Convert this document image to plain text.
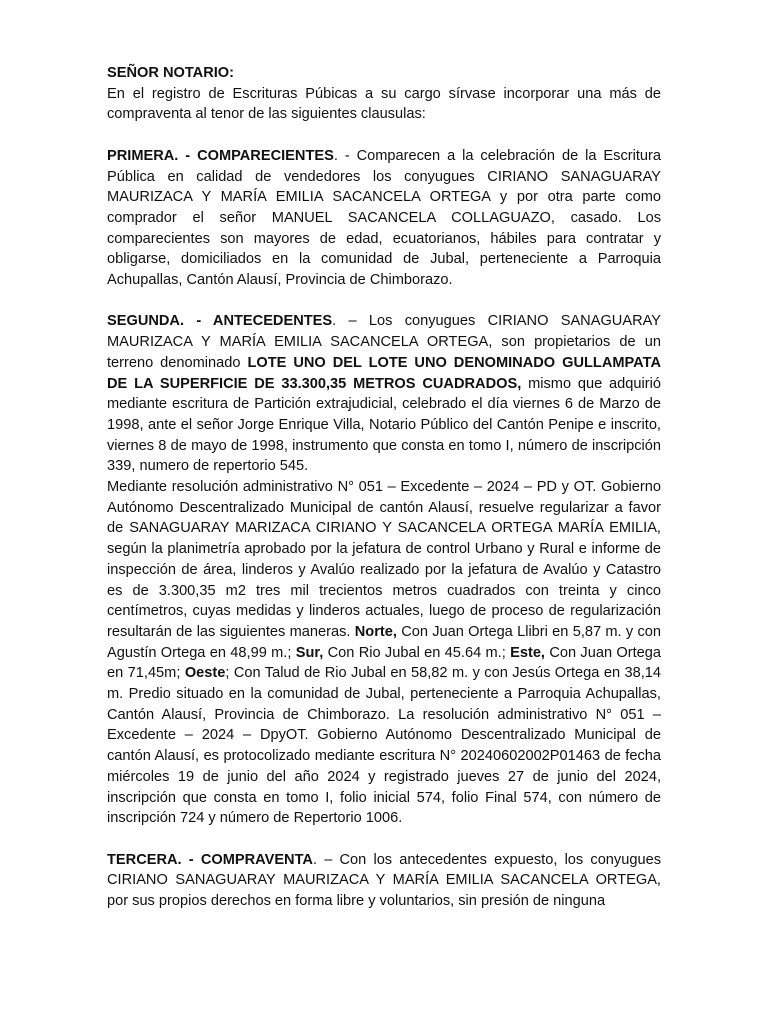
SEÑOR NOTARIO:

En el registro de Escrituras Púbicas a su cargo sírvase incorporar una más de compraventa al tenor de las siguientes clausulas:

PRIMERA. - COMPARECIENTES. - Comparecen a la celebración de la Escritura Pública en calidad de vendedores los conyugues CIRIANO SANAGUARAY MAURIZACA Y MARÍA EMILIA SACANCELA ORTEGA y por otra parte como comprador el señor MANUEL SACANCELA COLLAGUAZO, casado. Los comparecientes son mayores de edad, ecuatorianos, hábiles para contratar y obligarse, domiciliados en la comunidad de Jubal, perteneciente a Parroquia Achupallas, Cantón Alausí, Provincia de Chimborazo.

SEGUNDA. - ANTECEDENTES. – Los conyugues CIRIANO SANAGUARAY MAURIZACA Y MARÍA EMILIA SACANCELA ORTEGA, son propietarios de un terreno denominado LOTE UNO DEL LOTE UNO DENOMINADO GULLAMPATA DE LA SUPERFICIE DE 33.300,35 METROS CUADRADOS, mismo que adquirió mediante escritura de Partición extrajudicial, celebrado el día viernes 6 de Marzo de 1998, ante el señor Jorge Enrique Villa, Notario Público del Cantón Penipe e inscrito, viernes 8 de mayo de 1998, instrumento que consta en tomo I, número de inscripción 339, numero de repertorio 545.

Mediante resolución administrativo N° 051 – Excedente – 2024 – PD y OT. Gobierno Autónomo Descentralizado Municipal de cantón Alausí, resuelve regularizar a favor de SANAGUARAY MARIZACA CIRIANO Y SACANCELA ORTEGA MARÍA EMILIA, según la planimetría aprobado por la jefatura de control Urbano y Rural e informe de inspección de área, linderos y Avalúo realizado por la jefatura de Avalúo y Catastro es de 3.300,35 m2 tres mil trecientos metros cuadrados con treinta y cinco centímetros, cuyas medidas y linderos actuales, luego de proceso de regularización resultarán de las siguientes maneras. Norte, Con Juan Ortega Llibri en 5,87 m. y con Agustín Ortega en 48,99 m.; Sur, Con Rio Jubal en 45.64 m.; Este, Con Juan Ortega en 71,45m; Oeste; Con Talud de Rio Jubal en 58,82 m. y con Jesús Ortega en 38,14 m. Predio situado en la comunidad de Jubal, perteneciente a Parroquia Achupallas, Cantón Alausí, Provincia de Chimborazo. La resolución administrativo N° 051 – Excedente – 2024 – DpyOT. Gobierno Autónomo Descentralizado Municipal de cantón Alausí, es protocolizado mediante escritura N° 20240602002P01463 de fecha miércoles 19 de junio del año 2024 y registrado jueves 27 de junio del 2024, inscripción que consta en tomo I, folio inicial 574, folio Final 574, con número de inscripción 724 y número de Repertorio 1006.

TERCERA. - COMPRAVENTA. – Con los antecedentes expuesto, los conyugues CIRIANO SANAGUARAY MAURIZACA Y MARÍA EMILIA SACANCELA ORTEGA, por sus propios derechos en forma libre y voluntarios, sin presión de ninguna
